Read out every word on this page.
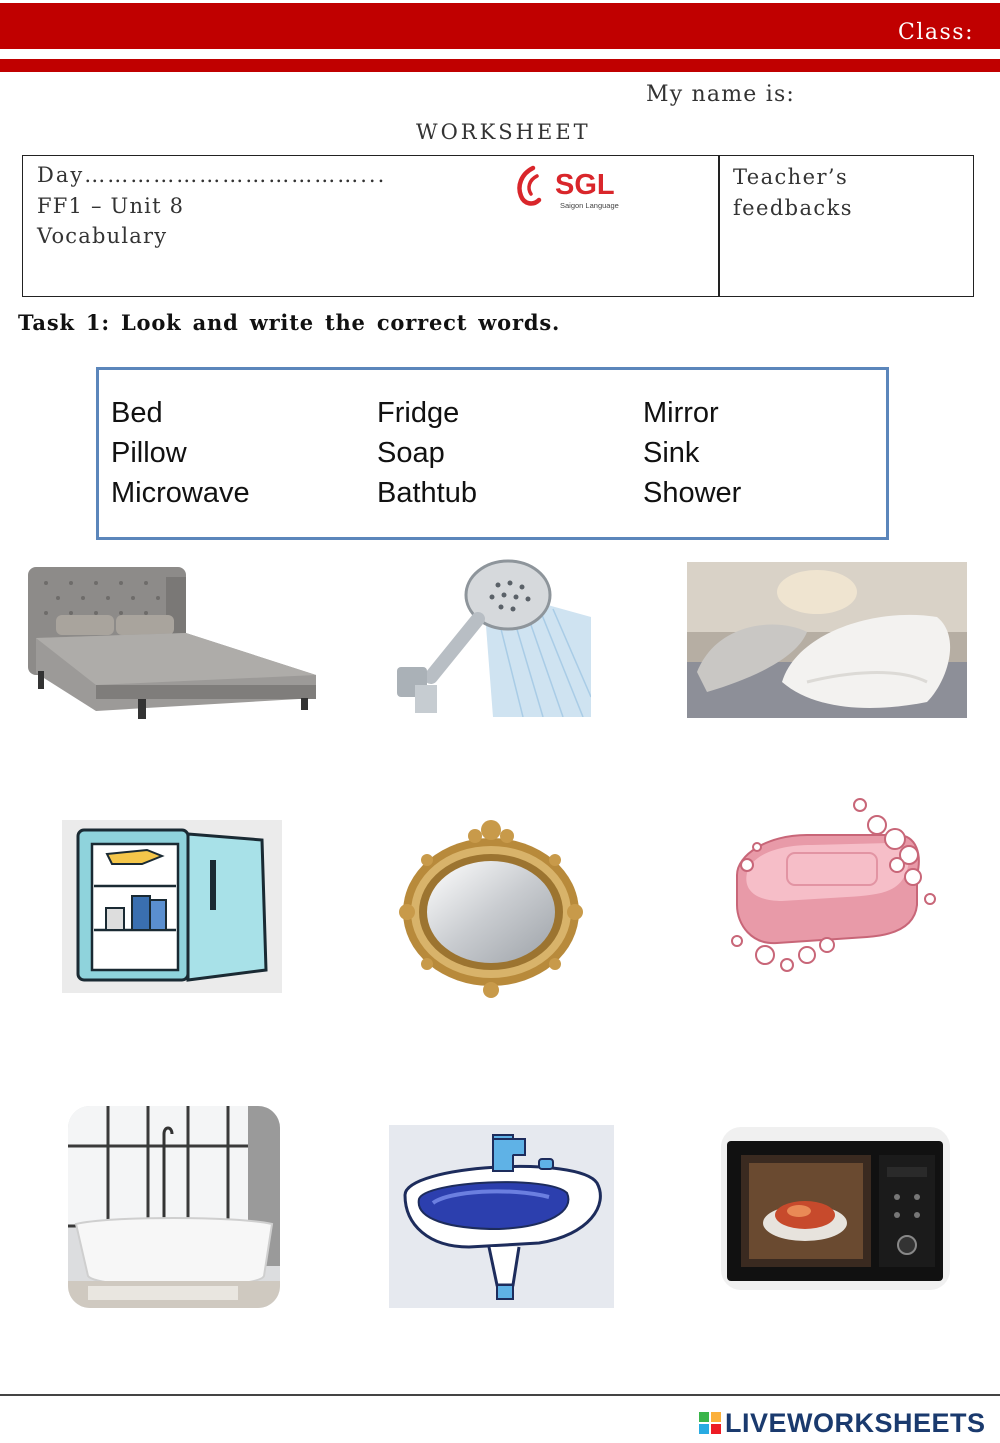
Class:
My name is:
WORKSHEET
Day………………………………...
FF1 – Unit 8
Vocabulary
Teacher’s feedbacks
SGL
Saigon Language
Task 1: Look and write the correct words.
Bed
Pillow
Microwave
Fridge
Soap
Bathtub
Mirror
Sink
Shower
LIVEWORKSHEETS
